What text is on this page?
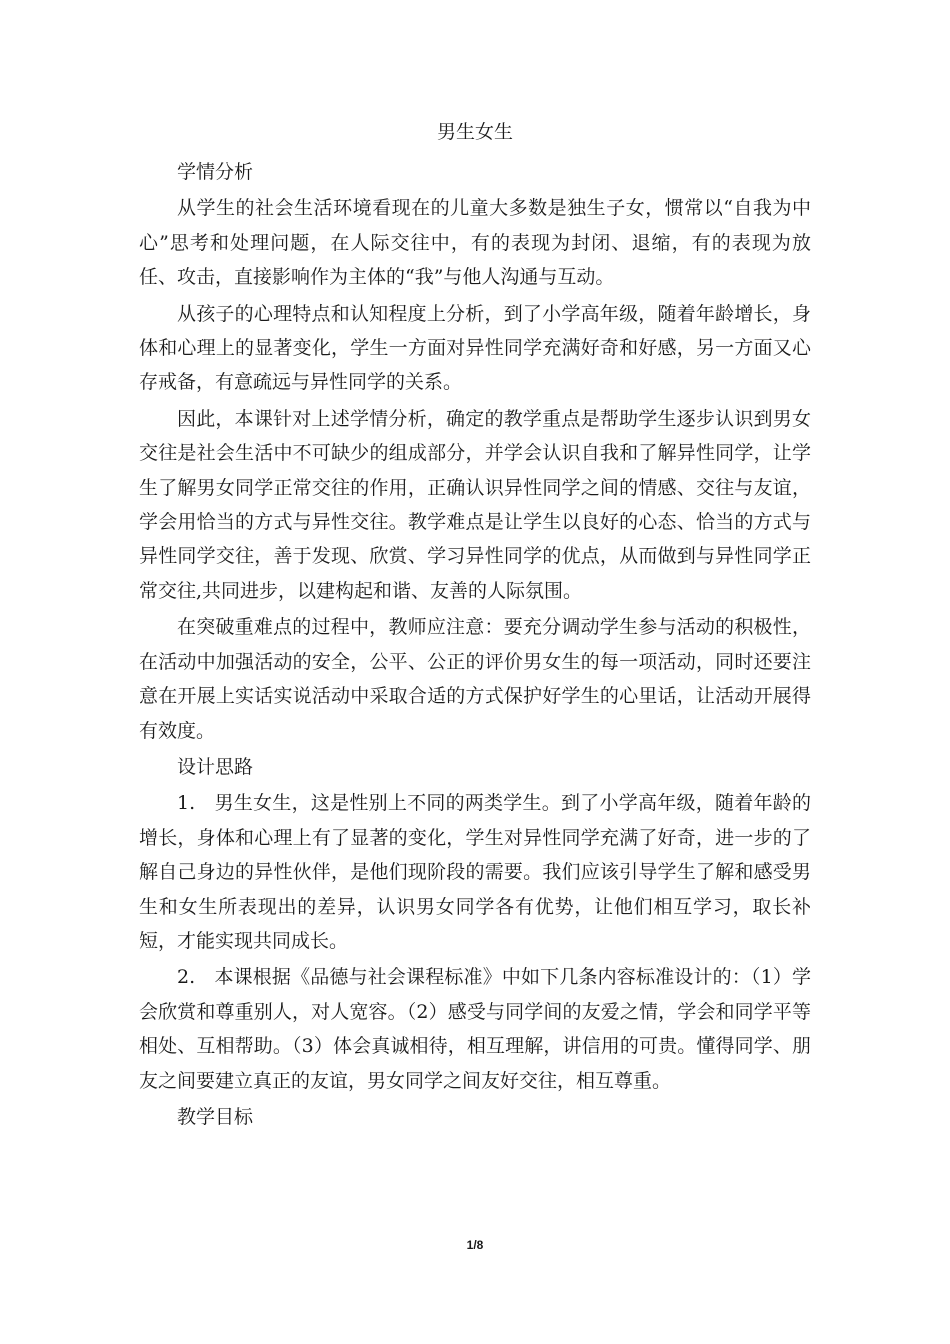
男生女生

学情分析

从学生的社会生活环境看现在的儿童大多数是独生子女，惯常以“自我为中心”思考和处理问题，在人际交往中，有的表现为封闭、退缩，有的表现为放任、攻击，直接影响作为主体的“我”与他人沟通与互动。

从孩子的心理特点和认知程度上分析，到了小学高年级，随着年龄增长，身体和心理上的显著变化，学生一方面对异性同学充满好奇和好感，另一方面又心存戒备，有意疏远与异性同学的关系。

因此，本课针对上述学情分析，确定的教学重点是帮助学生逐步认识到男女交往是社会生活中不可缺少的组成部分，并学会认识自我和了解异性同学，让学生了解男女同学正常交往的作用，正确认识异性同学之间的情感、交往与友谊，学会用恰当的方式与异性交往。教学难点是让学生以良好的心态、恰当的方式与异性同学交往，善于发现、欣赏、学习异性同学的优点，从而做到与异性同学正常交往,共同进步，以建构起和谐、友善的人际氛围。

在突破重难点的过程中，教师应注意：要充分调动学生参与活动的积极性，在活动中加强活动的安全，公平、公正的评价男女生的每一项活动，同时还要注意在开展上实话实说活动中采取合适的方式保护好学生的心里话，让活动开展得有效度。

设计思路

1.　男生女生，这是性别上不同的两类学生。到了小学高年级，随着年龄的增长，身体和心理上有了显著的变化，学生对异性同学充满了好奇，进一步的了解自己身边的异性伙伴，是他们现阶段的需要。我们应该引导学生了解和感受男生和女生所表现出的差异，认识男女同学各有优势，让他们相互学习，取长补短，才能实现共同成长。

2.　本课根据《品德与社会课程标准》中如下几条内容标准设计的：（1）学会欣赏和尊重别人，对人宽容。（2）感受与同学间的友爱之情，学会和同学平等相处、互相帮助。（3）体会真诚相待，相互理解，讲信用的可贵。懂得同学、朋友之间要建立真正的友谊，男女同学之间友好交往，相互尊重。

教学目标

1/8
